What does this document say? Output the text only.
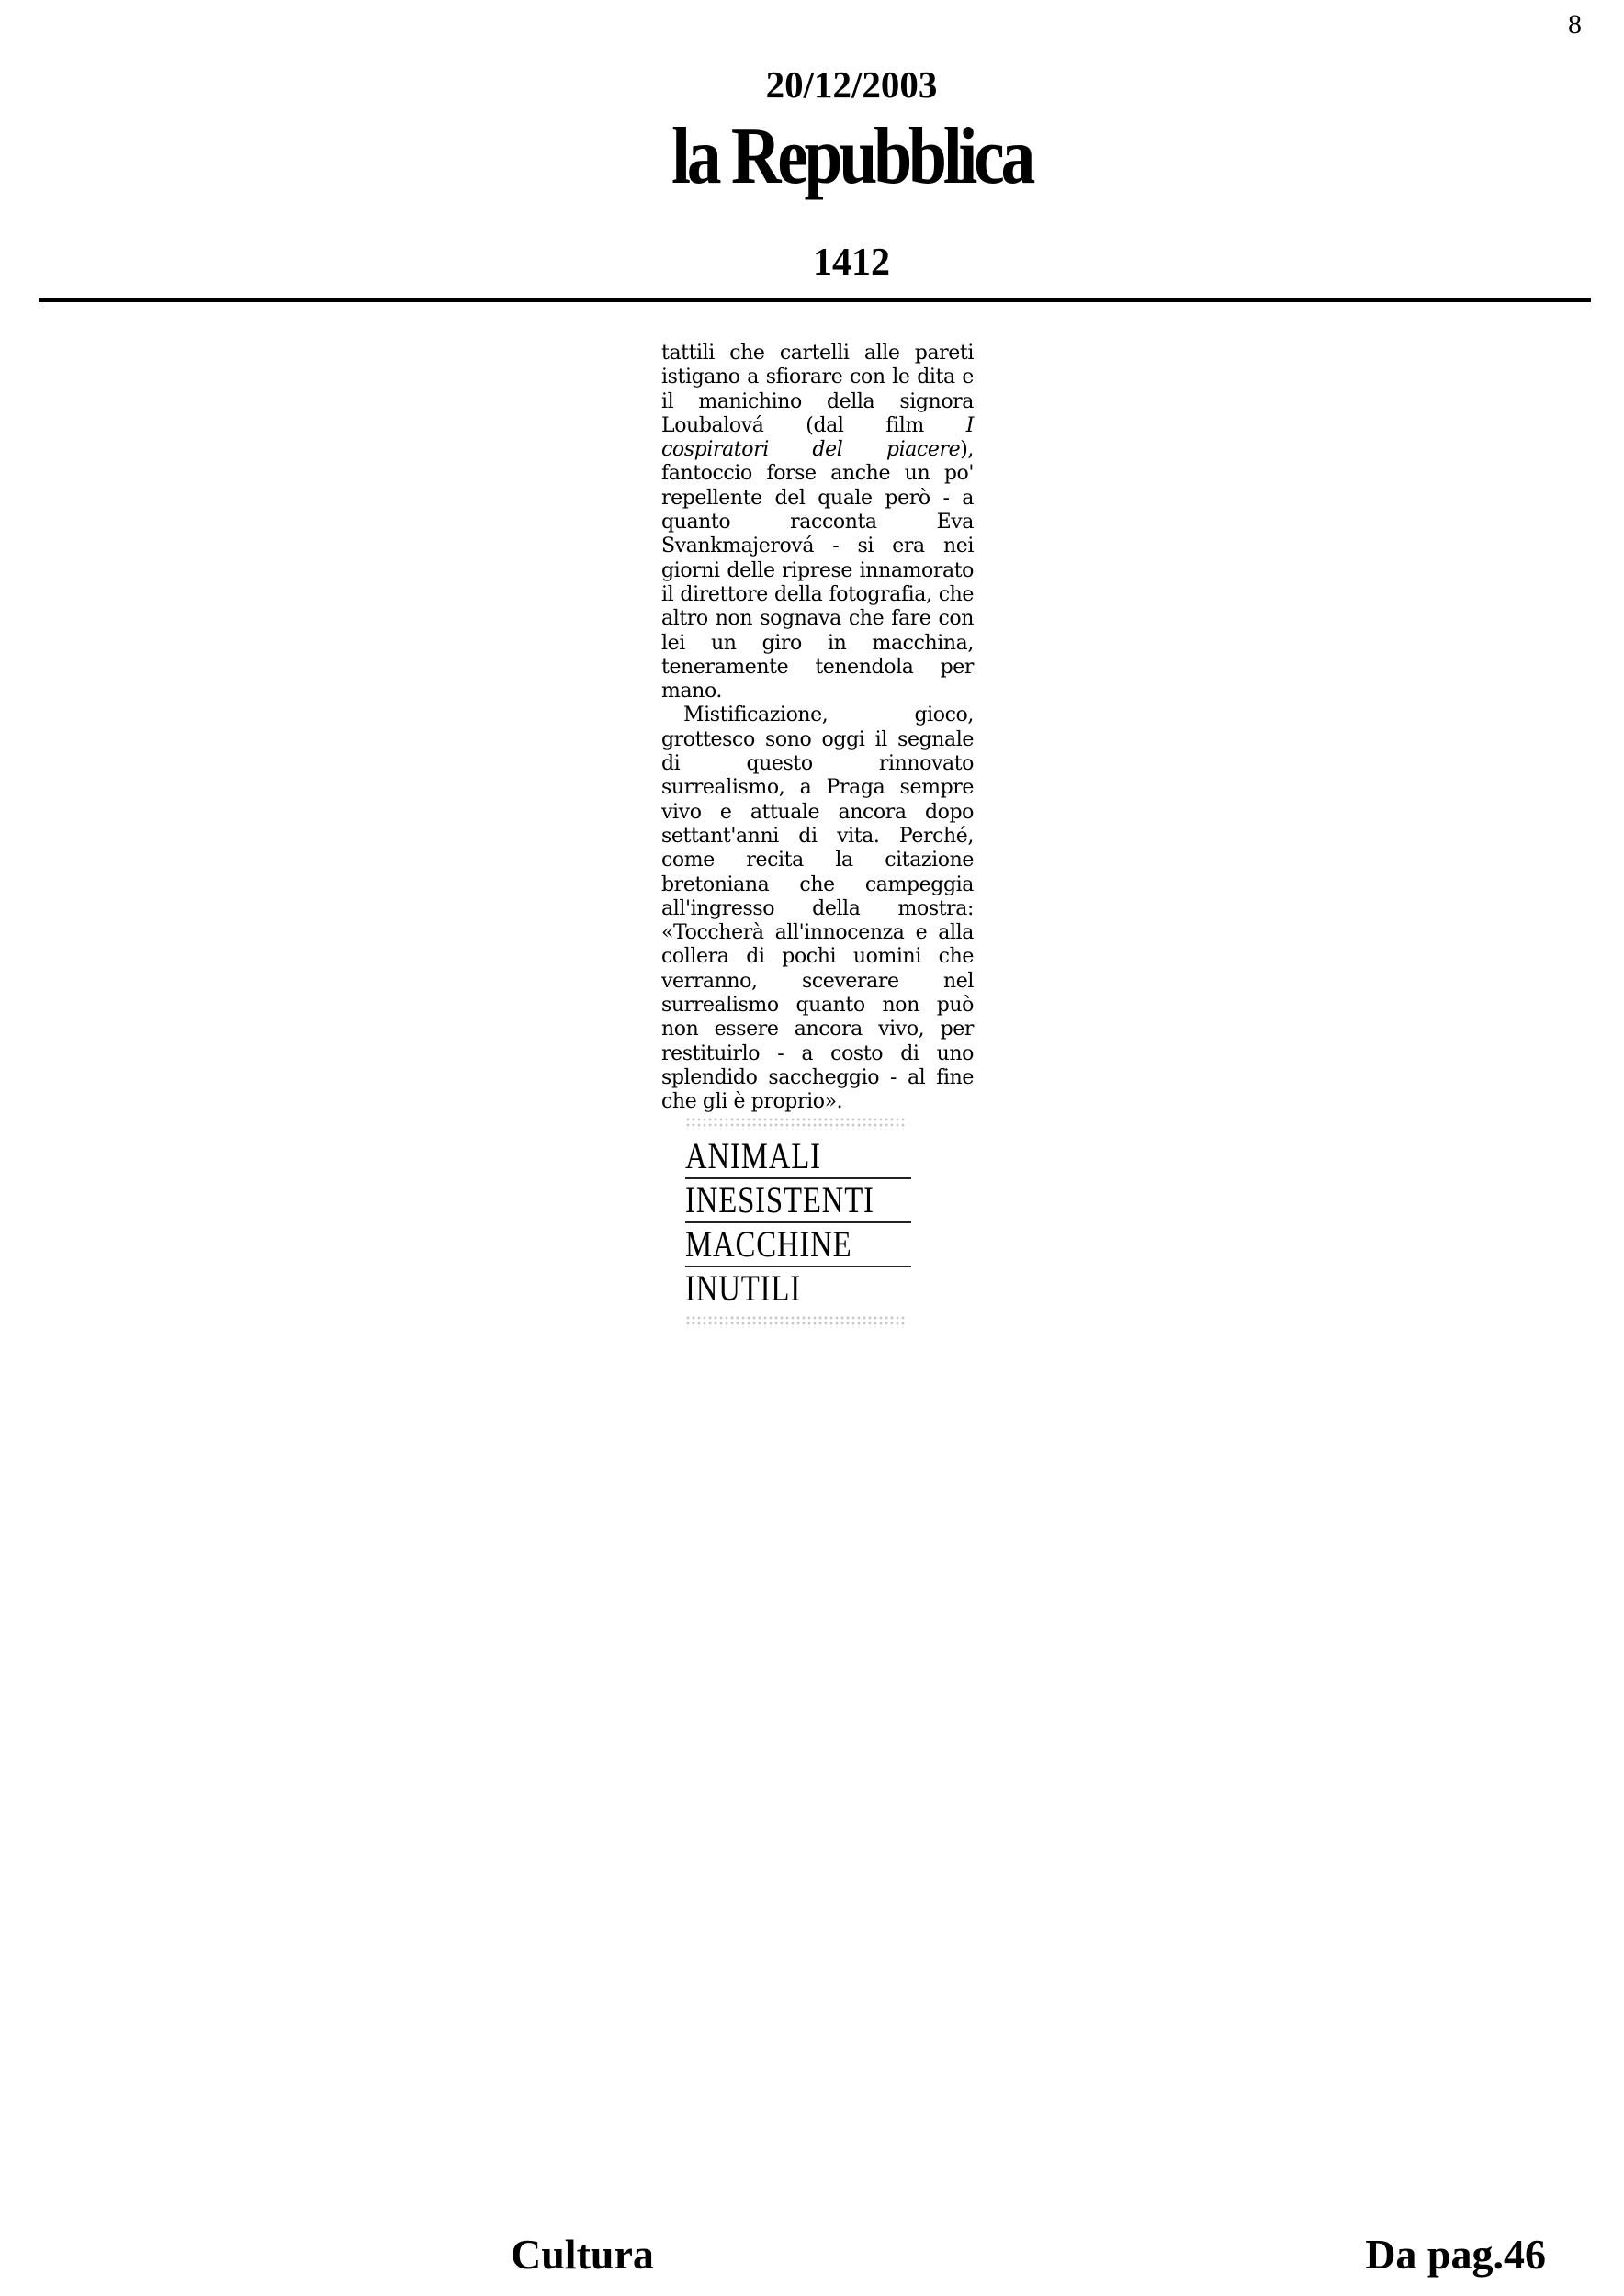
8
20/12/2003
la Repubblica
1412

tattili che cartelli alle pareti istigano a sfiorare con le dita e il manichino della signora Loubalová (dal film I cospiratori del piacere), fantoccio forse anche un po' repellente del quale però - a quanto racconta Eva Svankmajerová - si era nei giorni delle riprese innamorato il direttore della fotografia, che altro non sognava che fare con lei un giro in macchina, teneramente tenendola per mano.

Mistificazione, gioco, grottesco sono oggi il segnale di questo rinnovato surrealismo, a Praga sempre vivo e attuale ancora dopo settant'anni di vita. Perché, come recita la citazione bretoniana che campeggia all'ingresso della mostra: «Toccherà all'innocenza e alla collera di pochi uomini che verranno, sceverare nel surrealismo quanto non può non essere ancora vivo, per restituirlo - a costo di uno splendido saccheggio - al fine che gli è proprio».

ANIMALI
INESISTENTI
MACCHINE
INUTILI
Cultura	Da pag.46
